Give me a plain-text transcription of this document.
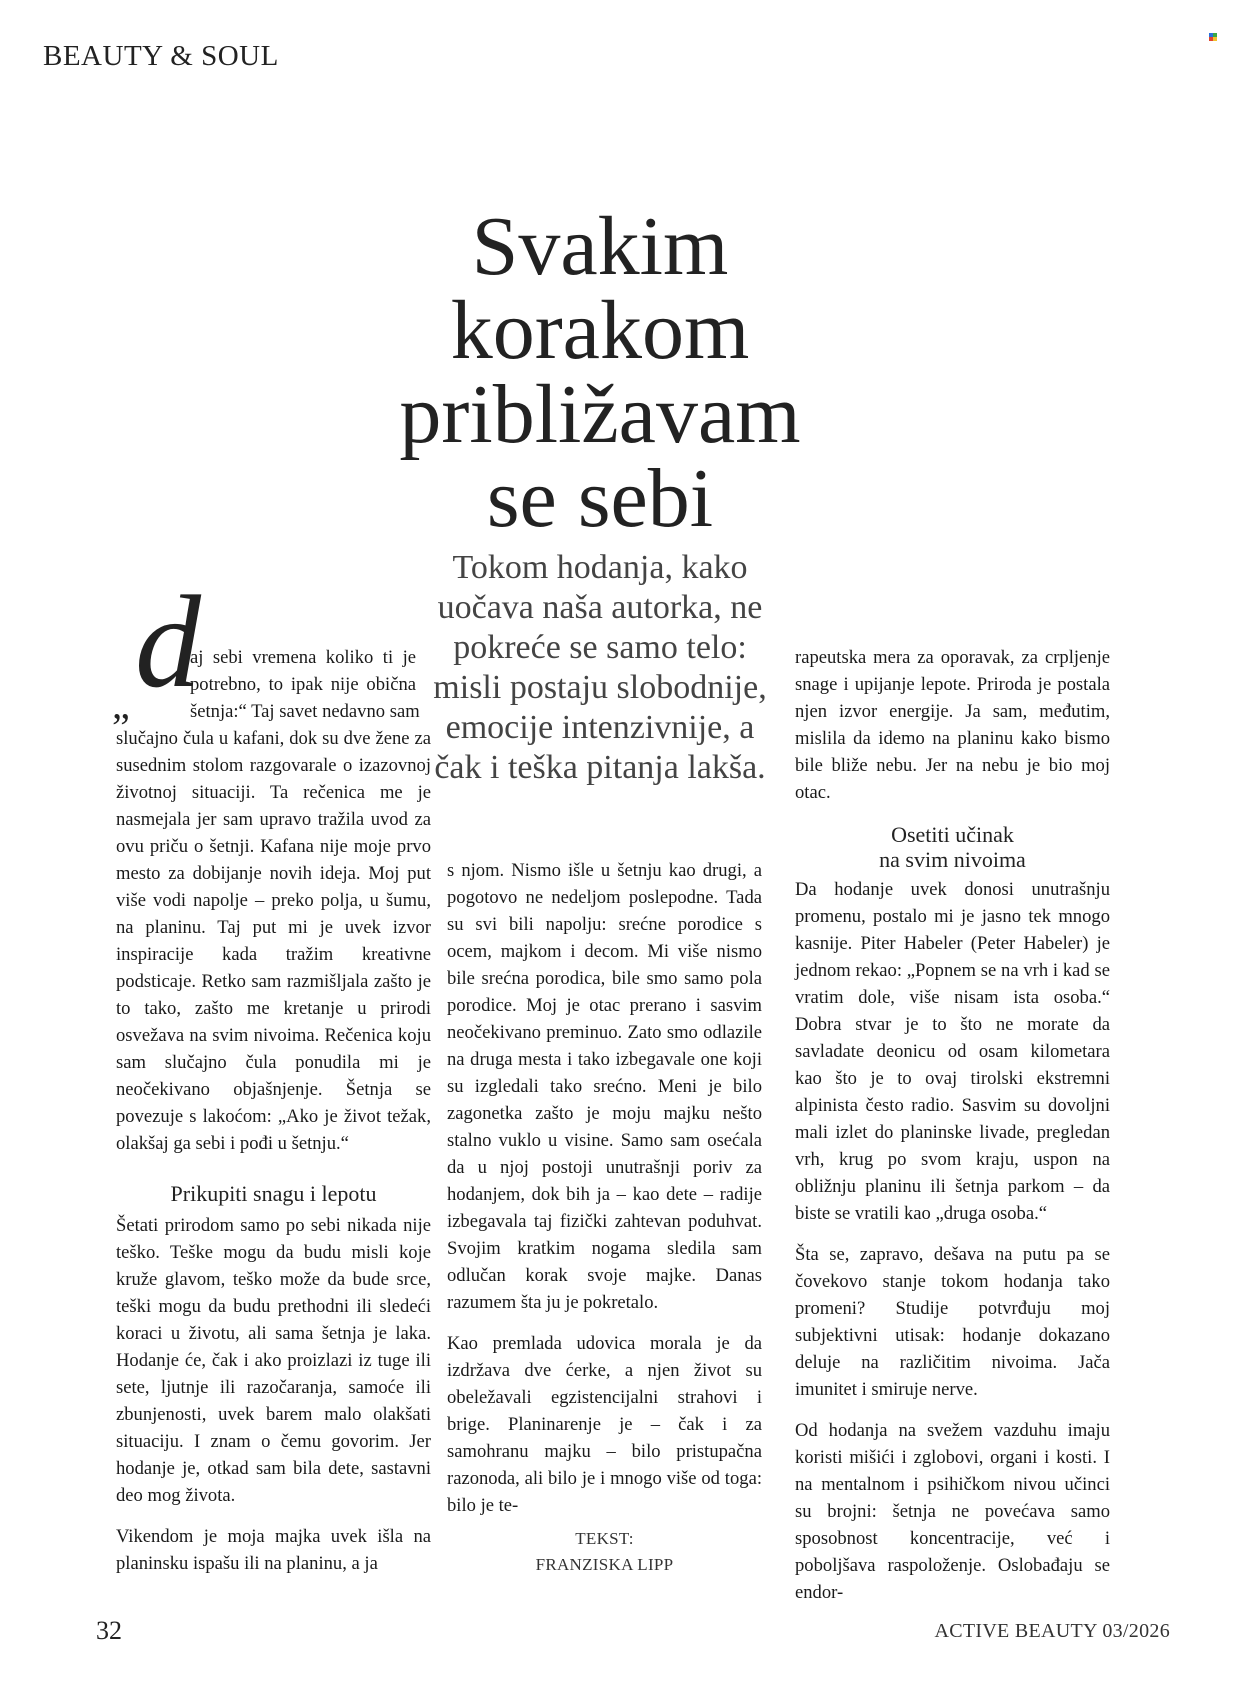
BEAUTY & SOUL
Svakim
korakom
približavam
se sebi
Tokom hodanja, kako uočava naša autorka, ne pokreće se samo telo: misli postaju slobodnije, emocije intenzivnije, a čak i teška pitanja lakša.
„ d
aj sebi vremena koliko ti je
potrebno, to ipak nije obična
šetnja:“ Taj savet nedavno sam

slučajno čula u kafani, dok su dve žene za susednim stolom razgovarale o izazovnoj životnoj situaciji. Ta rečenica me je nasmejala jer sam upravo tražila uvod za ovu priču o šetnji. Kafana nije moje prvo mesto za dobijanje novih ideja. Moj put više vodi napolje – preko polja, u šumu, na planinu. Taj put mi je uvek izvor inspiracije kada tražim kreativne podsticaje. Retko sam razmišljala zašto je to tako, zašto me kretanje u prirodi osvežava na svim nivoima. Rečenica koju sam slučajno čula ponudila mi je neočekivano objašnjenje. Šetnja se povezuje s lakoćom: „Ako je život težak, olakšaj ga sebi i pođi u šetnju.“

Prikupiti snagu i lepotu

Šetati prirodom samo po sebi nikada nije teško. Teške mogu da budu misli koje kruže glavom, teško može da bude srce, teški mogu da budu prethodni ili sledeći koraci u životu, ali sama šetnja je laka. Hodanje će, čak i ako proizlazi iz tuge ili sete, ljutnje ili razočaranja, samoće ili zbunjenosti, uvek barem malo olakšati situaciju. I znam o čemu govorim. Jer hodanje je, otkad sam bila dete, sastavni deo mog života.

Vikendom je moja majka uvek išla na planinsku ispašu ili na planinu, a ja

s njom. Nismo išle u šetnju kao drugi, a pogotovo ne nedeljom poslepodne. Tada su svi bili napolju: srećne porodice s ocem, majkom i decom. Mi više nismo bile srećna porodica, bile smo samo pola porodice. Moj je otac prerano i sasvim neočekivano preminuo. Zato smo odlazile na druga mesta i tako izbegavale one koji su izgledali tako srećno. Meni je bilo zagonetka zašto je moju majku nešto stalno vuklo u visine. Samo sam osećala da u njoj postoji unutrašnji poriv za hodanjem, dok bih ja – kao dete – radije izbegavala taj fizički zahtevan poduhvat. Svojim kratkim nogama sledila sam odlučan korak svoje majke. Danas razumem šta ju je pokretalo.

Kao premlada udovica morala je da izdržava dve ćerke, a njen život su obeležavali egzistencijalni strahovi i brige. Planinarenje je – čak i za samohranu majku – bilo pristupačna razonoda, ali bilo je i mnogo više od toga: bilo je te-

TEKST:
FRANZISKA LIPP

rapeutska mera za oporavak, za crpljenje snage i upijanje lepote. Priroda je postala njen izvor energije. Ja sam, međutim, mislila da idemo na planinu kako bismo bile bliže nebu. Jer na nebu je bio moj otac.

Osetiti učinak
na svim nivoima

Da hodanje uvek donosi unutrašnju promenu, postalo mi je jasno tek mnogo kasnije. Piter Habeler (Peter Habeler) je jednom rekao: „Popnem se na vrh i kad se vratim dole, više nisam ista osoba.“ Dobra stvar je to što ne morate da savladate deonicu od osam kilometara kao što je to ovaj tirolski ekstremni alpinista često radio. Sasvim su dovoljni mali izlet do planinske livade, pregledan vrh, krug po svom kraju, uspon na obližnju planinu ili šetnja parkom – da biste se vratili kao „druga osoba.“

Šta se, zapravo, dešava na putu pa se čovekovo stanje tokom hodanja tako promeni? Studije potvrđuju moj subjektivni utisak: hodanje dokazano deluje na različitim nivoima. Jača imunitet i smiruje nerve.

Od hodanja na svežem vazduhu imaju koristi mišići i zglobovi, organi i kosti. I na mentalnom i psihičkom nivou učinci su brojni: šetnja ne povećava samo sposobnost koncentracije, već i poboljšava raspoloženje. Oslobađaju se endor-

32	ACTIVE BEAUTY 03/2026
